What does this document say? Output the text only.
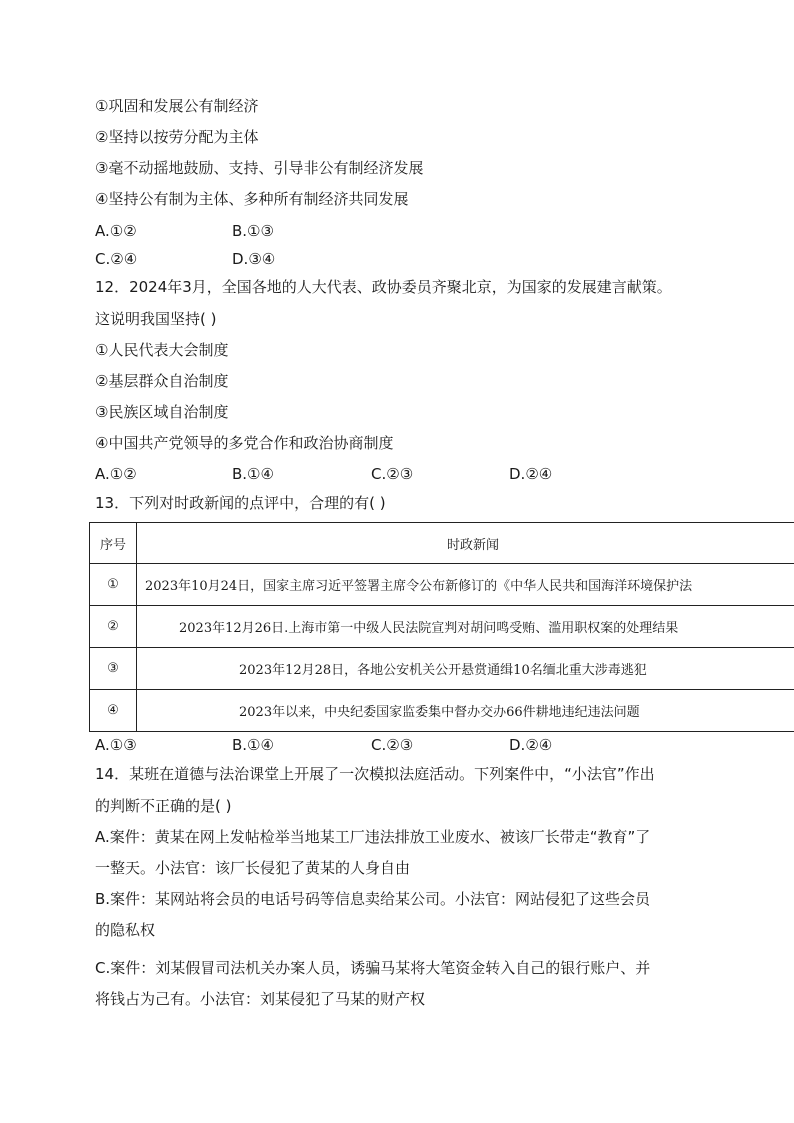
①巩固和发展公有制经济
②坚持以按劳分配为主体
③毫不动摇地鼓励、支持、引导非公有制经济发展
④坚持公有制为主体、多种所有制经济共同发展
A.①②	B.①③
C.②④	D.③④
12．2024年3月，全国各地的人大代表、政协委员齐聚北京，为国家的发展建言献策。
这说明我国坚持( )
①人民代表大会制度
②基层群众自治制度
③民族区域自治制度
④中国共产党领导的多党合作和政治协商制度
A.①②	B.①④	C.②③	D.②④
13．下列对时政新闻的点评中，合理的有( )
序号	时政新闻
①	2023年10月24日，国家主席习近平签署主席令公布新修订的《中华人民共和国海洋环境保护法
②	2023年12月26日.上海市第一中级人民法院宣判对胡问鸣受贿、滥用职权案的处理结果
③	2023年12月28日，各地公安机关公开悬赏通缉10名缅北重大涉毒逃犯
④	2023年以来，中央纪委国家监委集中督办交办66件耕地违纪违法问题
A.①③	B.①④	C.②③	D.②④
14．某班在道德与法治课堂上开展了一次模拟法庭活动。下列案件中，“小法官”作出
的判断不正确的是( )
A.案件：黄某在网上发帖检举当地某工厂违法排放工业废水、被该厂长带走“教育”了
一整天。小法官：该厂长侵犯了黄某的人身自由
B.案件：某网站将会员的电话号码等信息卖给某公司。小法官：网站侵犯了这些会员
的隐私权
C.案件：刘某假冒司法机关办案人员，诱骗马某将大笔资金转入自己的银行账户、并
将钱占为己有。小法官：刘某侵犯了马某的财产权
